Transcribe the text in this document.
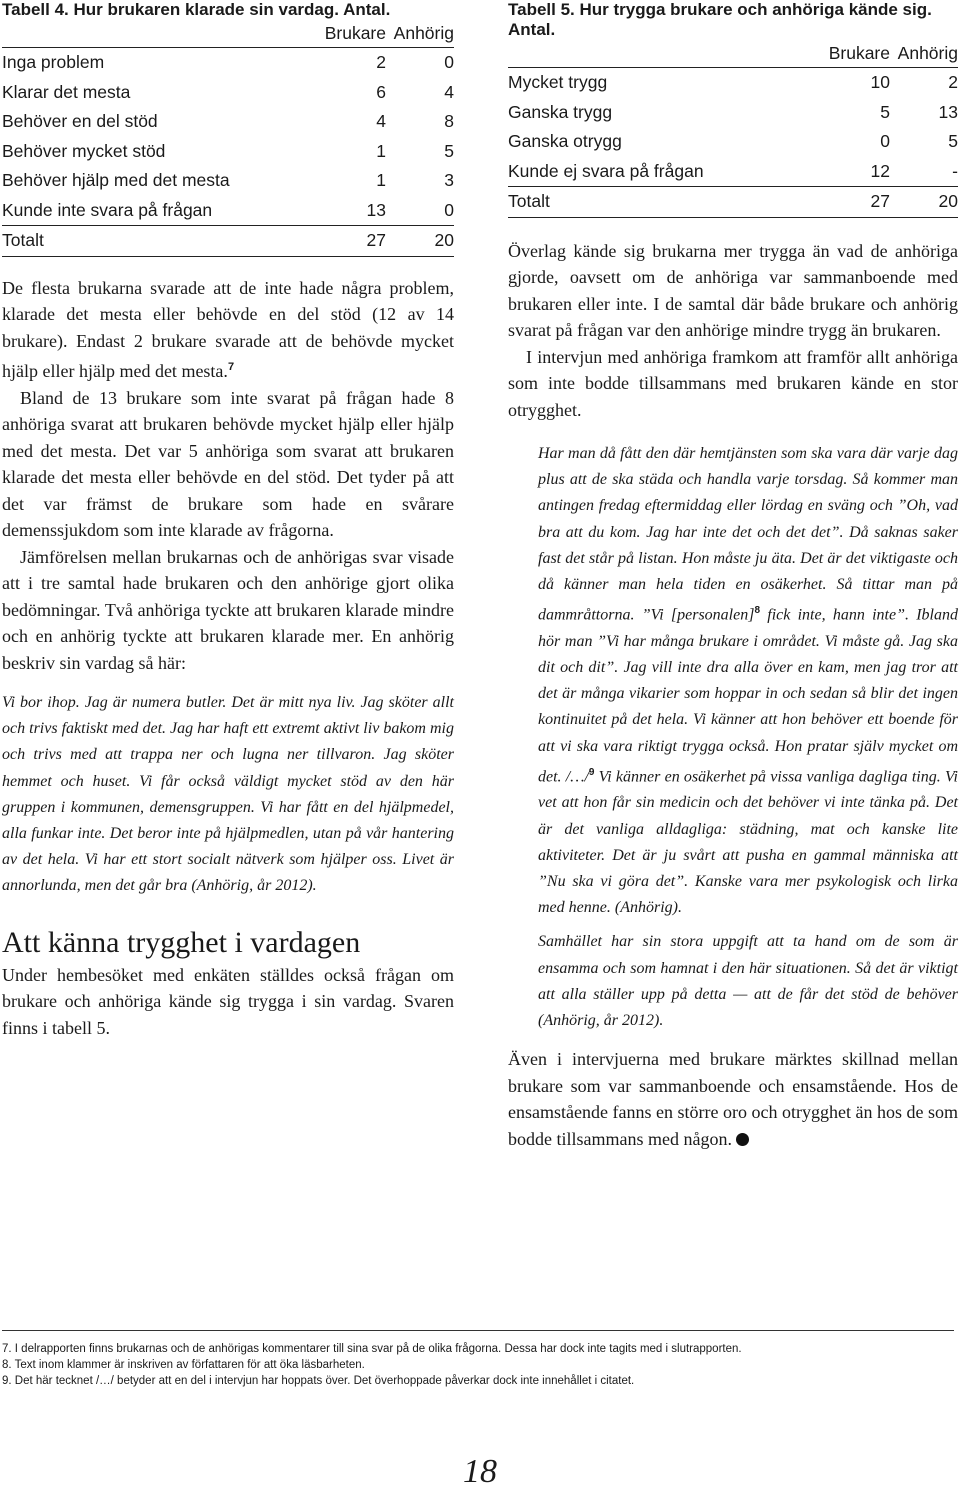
Tabell 4. Hur brukaren klarade sin vardag. Antal.

	Brukare	Anhörig
Inga problem	2	0
Klarar det mesta	6	4
Behöver en del stöd	4	8
Behöver mycket stöd	1	5
Behöver hjälp med det mesta	1	3
Kunde inte svara på frågan	13	0
Totalt	27	20

De flesta brukarna svarade att de inte hade några problem, klarade det mesta eller behövde en del stöd (12 av 14 brukare). Endast 2 brukare svarade att de behövde mycket hjälp eller hjälp med det mesta.$^7$

Bland de 13 brukare som inte svarat på frågan hade 8 anhöriga svarat att brukaren behövde mycket hjälp eller hjälp med det mesta. Det var 5 anhöriga som svarat att brukaren klarade det mesta eller behövde en del stöd. Det tyder på att det var främst de brukare som hade en svårare demenssjukdom som inte klarade av frågorna.

Jämförelsen mellan brukarnas och de anhörigas svar visade att i tre samtal hade brukaren och den anhörige gjort olika bedömningar. Två anhöriga tyckte att brukaren klarade mindre och en anhörig tyckte att brukaren klarade mer. En anhörig beskriv sin vardag så här:

Vi bor ihop. Jag är numera butler. Det är mitt nya liv. Jag sköter allt och trivs faktiskt med det. Jag har haft ett extremt aktivt liv bakom mig och trivs med att trappa ner och lugna ner tillvaron. Jag sköter hemmet och huset. Vi får också väldigt mycket stöd av den här gruppen i kommunen, demensgruppen. Vi har fått en del hjälpmedel, alla funkar inte. Det beror inte på hjälpmedlen, utan på vår hantering av det hela. Vi har ett stort socialt nätverk som hjälper oss. Livet är annorlunda, men det går bra (Anhörig, år 2012).

Att känna trygghet i vardagen

Under hembesöket med enkäten ställdes också frågan om brukare och anhöriga kände sig trygga i sin vardag. Svaren finns i tabell 5.

Tabell 5. Hur trygga brukare och anhöriga kände sig. Antal.

	Brukare	Anhörig
Mycket trygg	10	2
Ganska trygg	5	13
Ganska otrygg	0	5
Kunde ej svara på frågan	12	-
Totalt	27	20

Överlag kände sig brukarna mer trygga än vad de anhöriga gjorde, oavsett om de anhöriga var sammanboende med brukaren eller inte. I de samtal där både brukare och anhörig svarat på frågan var den anhörige mindre trygg än brukaren.

I intervjun med anhöriga framkom att framför allt anhöriga som inte bodde tillsammans med brukaren kände en stor otrygghet.

Har man då fått den där hemtjänsten som ska vara där varje dag plus att de ska städa och handla varje torsdag. Så kommer man antingen fredag eftermiddag eller lördag en sväng och ”Oh, vad bra att du kom. Jag har inte det och det det”. Då saknas saker fast det står på listan. Hon måste ju äta. Det är det viktigaste och då känner man hela tiden en osäkerhet. Så tittar man på dammråttorna. ”Vi [personalen]$^8$ fick inte, hann inte”. Ibland hör man ”Vi har många brukare i området. Vi måste gå. Jag ska dit och dit”. Jag vill inte dra alla över en kam, men jag tror att det är många vikarier som hoppar in och sedan så blir det ingen kontinuitet på det hela. Vi känner att hon behöver ett boende för att vi ska vara riktigt trygga också. Hon pratar själv mycket om det. /…/$^9$ Vi känner en osäkerhet på vissa vanliga dagliga ting. Vi vet att hon får sin medicin och det behöver vi inte tänka på. Det är det vanliga alldagliga: städning, mat och kanske lite aktiviteter. Det är ju svårt att pusha en gammal människa att ”Nu ska vi göra det”. Kanske vara mer psykologisk och lirka med henne. (Anhörig).

Samhället har sin stora uppgift att ta hand om de som är ensamma och som hamnat i den här situationen. Så det är viktigt att alla ställer upp på detta — att de får det stöd de behöver (Anhörig, år 2012).

Även i intervjuerna med brukare märktes skillnad mellan brukare som var sammanboende och ensamstående. Hos de ensamstående fanns en större oro och otrygghet än hos de som bodde tillsammans med någon.

7. I delrapporten finns brukarnas och de anhörigas kommentarer till sina svar på de olika frågorna. Dessa har dock inte tagits med i slutrapporten.

8. Text inom klammer är inskriven av författaren för att öka läsbarheten.

9. Det här tecknet /…/ betyder att en del i intervjun har hoppats över. Det överhoppade påverkar dock inte innehållet i citatet.

18
